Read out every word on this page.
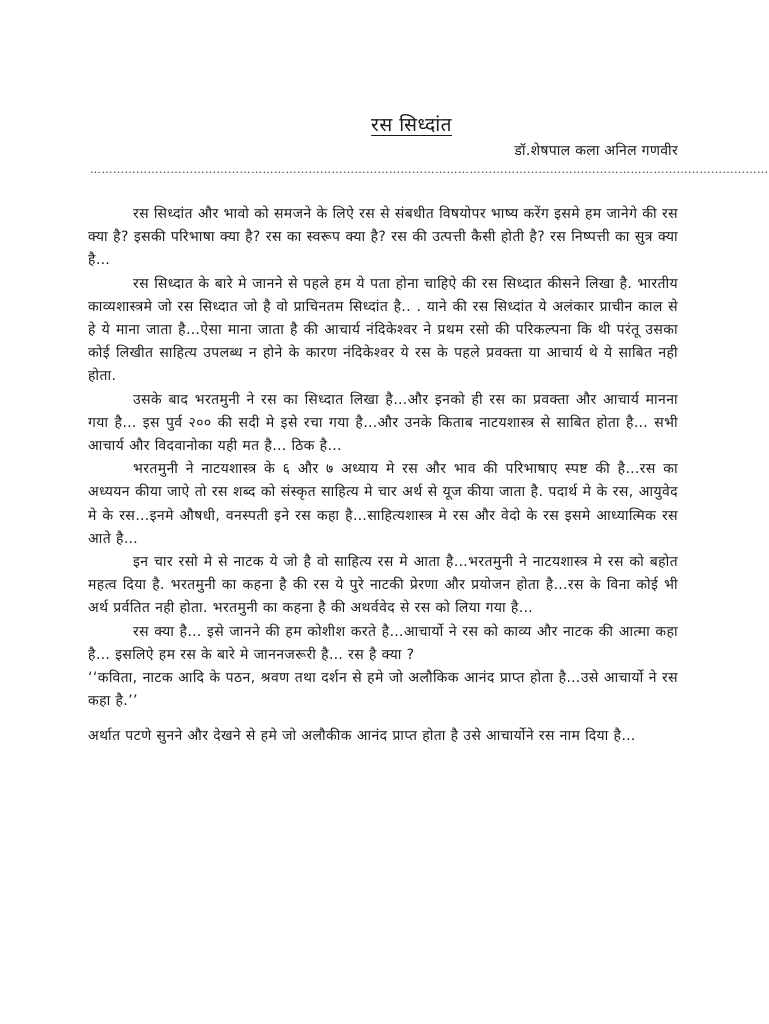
रस सिध्दांत
डॉ.शेषपाल कला अनिल गणवीर
……………………………………………………………………………………………………………………………………………………………

रस सिध्दांत और भावो को समजने के लिऐ रस से संबधीत विषयोपर भाष्य करेंग इसमे हम जानेगे की रस क्या है? इसकी परिभाषा क्या है? रस का स्वरूप क्या है? रस की उत्पत्ती कैसी होती है? रस निष्पत्ती का सुत्र क्या है…

रस सिध्दात के बारे मे जानने से पहले हम ये पता होना चाहिऐ की रस सिध्दात कीसने लिखा है. भारतीय काव्यशास्त्रमे जो रस सिध्दात जो है वो प्राचिनतम सिध्दांत है.. . याने की रस सिध्दांत ये अलंकार प्राचीन काल से हे ये माना जाता है…ऐसा माना जाता है की आचार्य नंदिकेश्वर ने प्रथम रसो की परिकल्पना कि थी परंतू उसका कोई लिखीत साहित्य उपलब्ध न होने के कारण नंदिकेश्वर ये रस के पहले प्रवक्ता या आचार्य थे ये साबित नही होता.

उसके बाद भरतमुनी ने रस का सिध्दात लिखा है…और इनको ही रस का प्रवक्ता और आचार्य मानना गया है… इस पुर्व २०० की सदी मे इसे रचा गया है…और उनके किताब नाटयशास्त्र से साबित होता है… सभी आचार्य और विदवानोका यही मत है… ठिक है…

भरतमुनी ने नाटयशास्त्र के ६ और ७ अध्याय मे रस और भाव की परिभाषाए स्पष्ट की है…रस का अध्ययन कीया जाऐ तो रस शब्द को संस्कृत साहित्य मे चार अर्थ से यूज कीया जाता है. पदार्थ मे के रस, आयुवेद मे के रस…इनमे औषधी, वनस्पती इने रस कहा है…साहित्यशास्त्र मे रस और वेदो के रस इसमे आध्यात्मिक रस आते है…

इन चार रसो मे से नाटक ये जो है वो साहित्य रस मे आता है…भरतमुनी ने नाटयशास्त्र मे रस को बहोत महत्व दिया है. भरतमुनी का कहना है की रस ये पुरे नाटकी प्रेरणा और प्रयोजन होता है…रस के विना कोई भी अर्थ प्रर्वतित नही होता. भरतमुनी का कहना है की अथर्ववेद से रस को लिया गया है…

रस क्या है… इसे जानने की हम कोशीश करते है…आचार्यो ने रस को काव्य और नाटक की आत्मा कहा है… इसलिऐ हम रस के बारे मे जाननजरूरी है… रस है क्या ?

‘‘कविता, नाटक आदि के पठन, श्रवण तथा दर्शन से हमे जो अलौकिक आनंद प्राप्त होता है…उसे आचार्यो ने रस कहा है.’’

अर्थात पटणे सुनने और देखने से हमे जो अलौकीक आनंद प्राप्त होता है उसे आचार्योने रस नाम दिया है…
